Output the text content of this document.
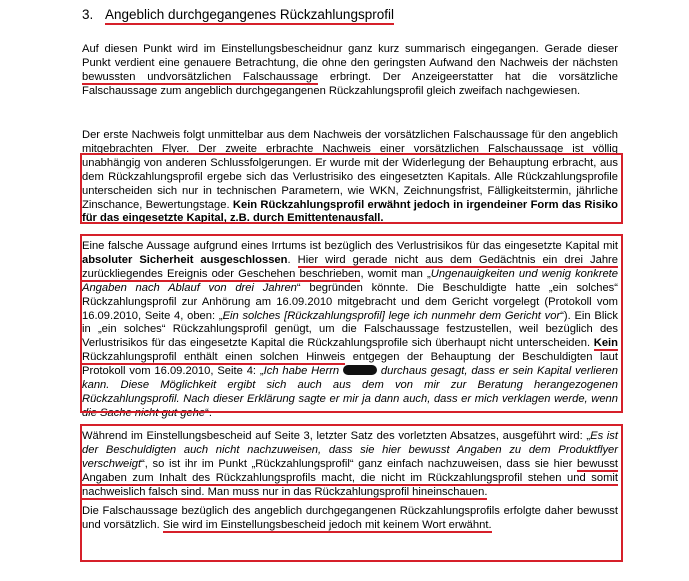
3. Angeblich durchgegangenes Rückzahlungsprofil

Auf diesen Punkt wird im Einstellungsbescheidnur ganz kurz summarisch eingegangen. Gerade dieser Punkt verdient eine genauere Betrachtung, die ohne den geringsten Aufwand den Nachweis der nächsten bewussten undvorsätzlichen Falschaussage erbringt. Der Anzeigeerstatter hat die vorsätzliche Falschaussage zum angeblich durchgegangenen Rückzahlungsprofil gleich zweifach nachgewiesen.

Der erste Nachweis folgt unmittelbar aus dem Nachweis der vorsätzlichen Falschaussage für den angeblich mitgebrachten Flyer. Der zweite erbrachte Nachweis einer vorsätzlichen Falschaussage ist völlig unabhängig von anderen Schlussfolgerungen. Er wurde mit der Widerlegung der Behauptung erbracht, aus dem Rückzahlungsprofil ergebe sich das Verlustrisiko des eingesetzten Kapitals. Alle Rückzahlungsprofile unterscheiden sich nur in technischen Parametern, wie WKN, Zeichnungsfrist, Fälligkeitstermin, jährliche Zinschance, Bewertungstage. Kein Rückzahlungsprofil erwähnt jedoch in irgendeiner Form das Risiko für das eingesetzte Kapital, z.B. durch Emittentenausfall.

Eine falsche Aussage aufgrund eines Irrtums ist bezüglich des Verlustrisikos für das eingesetzte Kapital mit absoluter Sicherheit ausgeschlossen. Hier wird gerade nicht aus dem Gedächtnis ein drei Jahre zurückliegendes Ereignis oder Geschehen beschrieben, womit man „Ungenauigkeiten und wenig konkrete Angaben nach Ablauf von drei Jahren“ begründen könnte. Die Beschuldigte hatte „ein solches“ Rückzahlungsprofil zur Anhörung am 16.09.2010 mitgebracht und dem Gericht vorgelegt (Protokoll vom 16.09.2010, Seite 4, oben: „Ein solches [Rückzahlungsprofil] lege ich nunmehr dem Gericht vor“). Ein Blick in „ein solches“ Rückzahlungsprofil genügt, um die Falschaussage festzustellen, weil bezüglich des Verlustrisikos für das eingesetzte Kapital die Rückzahlungsprofile sich überhaupt nicht unterscheiden. Kein Rückzahlungsprofil enthält einen solchen Hinweis entgegen der Behauptung der Beschuldigten laut Protokoll vom 16.09.2010, Seite 4: „Ich habe Herrn	durchaus gesagt, dass er sein Kapital verlieren kann. Diese Möglichkeit ergibt sich auch aus dem von mir zur Beratung herangezogenen Rückzahlungsprofil. Nach dieser Erklärung sagte er mir ja dann auch, dass er mich verklagen werde, wenn die Sache nicht gut gehe“.

Während im Einstellungsbescheid auf Seite 3, letzter Satz des vorletzten Absatzes, ausgeführt wird: „Es ist der Beschuldigten auch nicht nachzuweisen, dass sie hier bewusst Angaben zu dem Produktflyer verschweigt“, so ist ihr im Punkt „Rückzahlungsprofil“ ganz einfach nachzuweisen, dass sie hier bewusst Angaben zum Inhalt des Rückzahlungsprofils macht, die nicht im Rückzahlungsprofil stehen und somit nachweislich falsch sind. Man muss nur in das Rückzahlungsprofil hineinschauen.

Die Falschaussage bezüglich des angeblich durchgegangenen Rückzahlungsprofils erfolgte daher bewusst und vorsätzlich. Sie wird im Einstellungsbescheid jedoch mit keinem Wort erwähnt.
